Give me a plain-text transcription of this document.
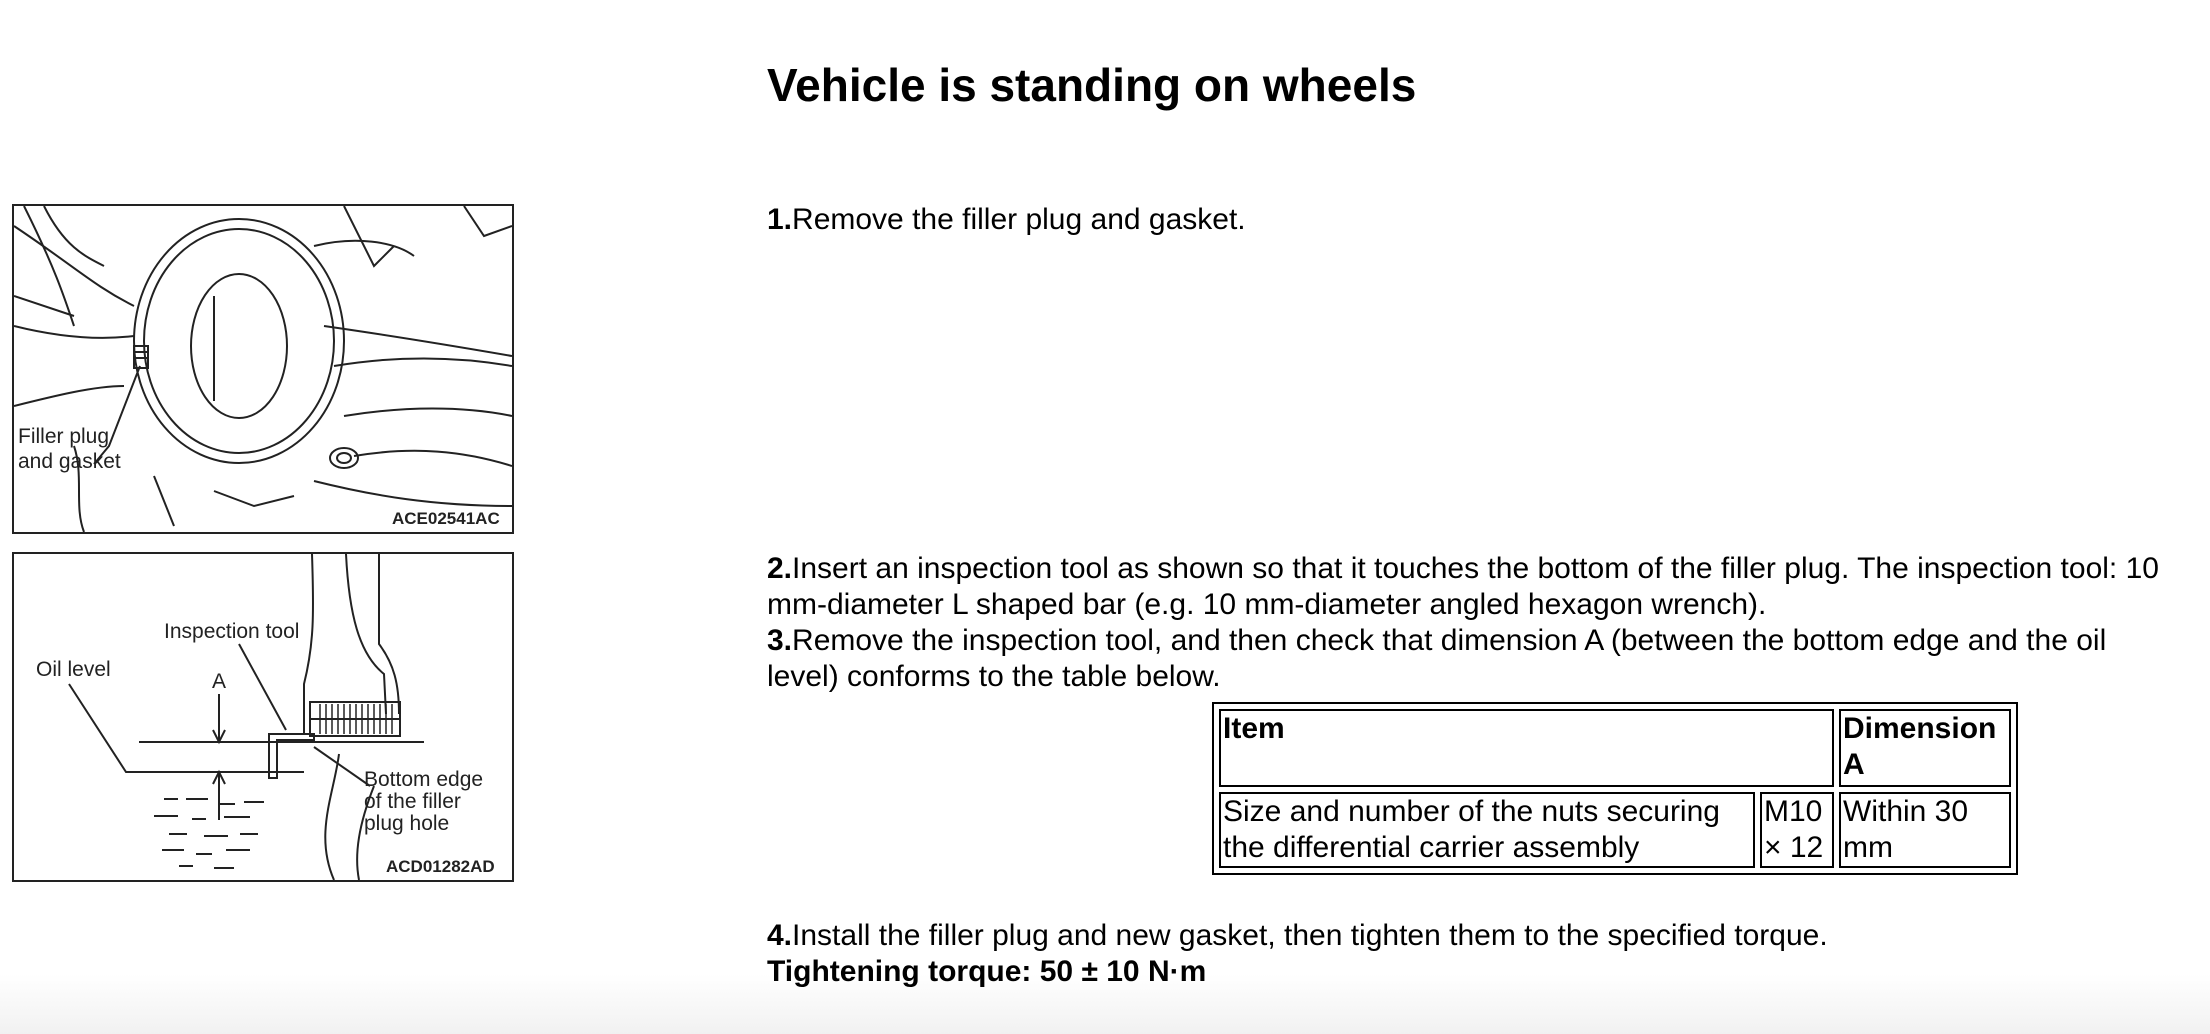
Vehicle is standing on wheels
Filler plug
and gasket
ACE02541AC
Inspection tool
Oil level
A
Bottom edge
of the filler
plug hole
ACD01282AD

1.Remove the filler plug and gasket.

2.Insert an inspection tool as shown so that it touches the bottom of the filler plug. The inspection tool: 10 mm-diameter L shaped bar (e.g. 10 mm-diameter angled hexagon wrench).
3.Remove the inspection tool, and then check that dimension A (between the bottom edge and the oil level) conforms to the table below.
Item		Dimension A
Size and number of the nuts securing the differential carrier assembly	M10 × 12	Within 30 mm
4.Install the filler plug and new gasket, then tighten them to the specified torque.
Tightening torque: 50 ± 10 N·m
